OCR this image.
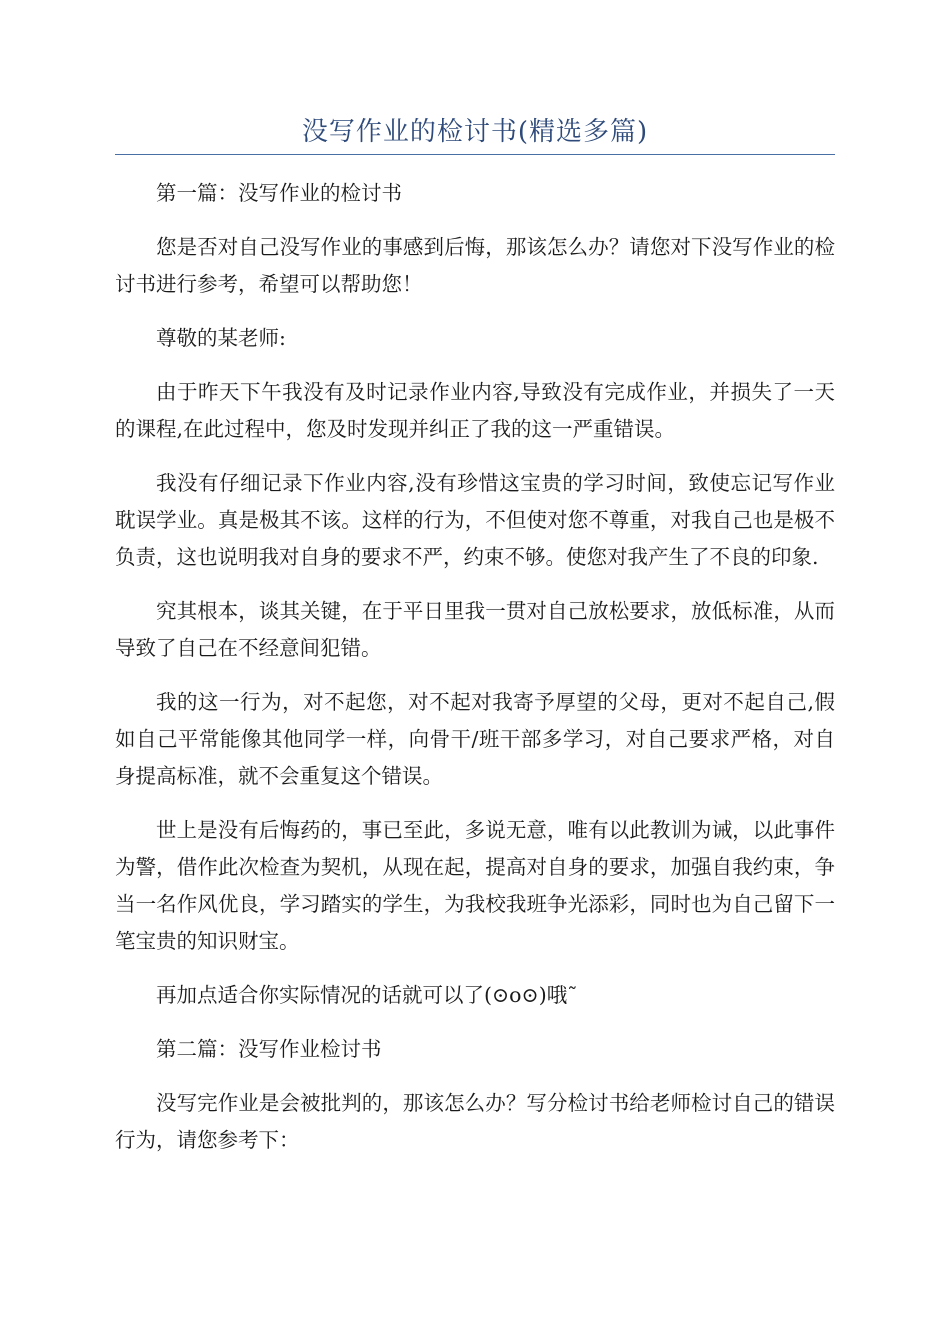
没写作业的检讨书(精选多篇)

第一篇：没写作业的检讨书

您是否对自己没写作业的事感到后悔，那该怎么办？请您对下没写作业的检讨书进行参考，希望可以帮助您！

尊敬的某老师:

由于昨天下午我没有及时记录作业内容,导致没有完成作业，并损失了一天的课程,在此过程中，您及时发现并纠正了我的这一严重错误。

我没有仔细记录下作业内容,没有珍惜这宝贵的学习时间，致使忘记写作业耽误学业。真是极其不该。这样的行为，不但使对您不尊重，对我自己也是极不负责，这也说明我对自身的要求不严，约束不够。使您对我产生了不良的印象.

究其根本，谈其关键，在于平日里我一贯对自己放松要求，放低标准，从而导致了自己在不经意间犯错。

我的这一行为，对不起您，对不起对我寄予厚望的父母，更对不起自己,假如自己平常能像其他同学一样，向骨干/班干部多学习，对自己要求严格，对自身提高标准，就不会重复这个错误。

世上是没有后悔药的，事已至此，多说无意，唯有以此教训为诫，以此事件为警，借作此次检查为契机，从现在起，提高对自身的要求，加强自我约束，争当一名作风优良，学习踏实的学生，为我校我班争光添彩，同时也为自己留下一笔宝贵的知识财宝。

再加点适合你实际情况的话就可以了(⊙o⊙)哦˜

第二篇：没写作业检讨书

没写完作业是会被批判的，那该怎么办？写分检讨书给老师检讨自己的错误行为，请您参考下：
